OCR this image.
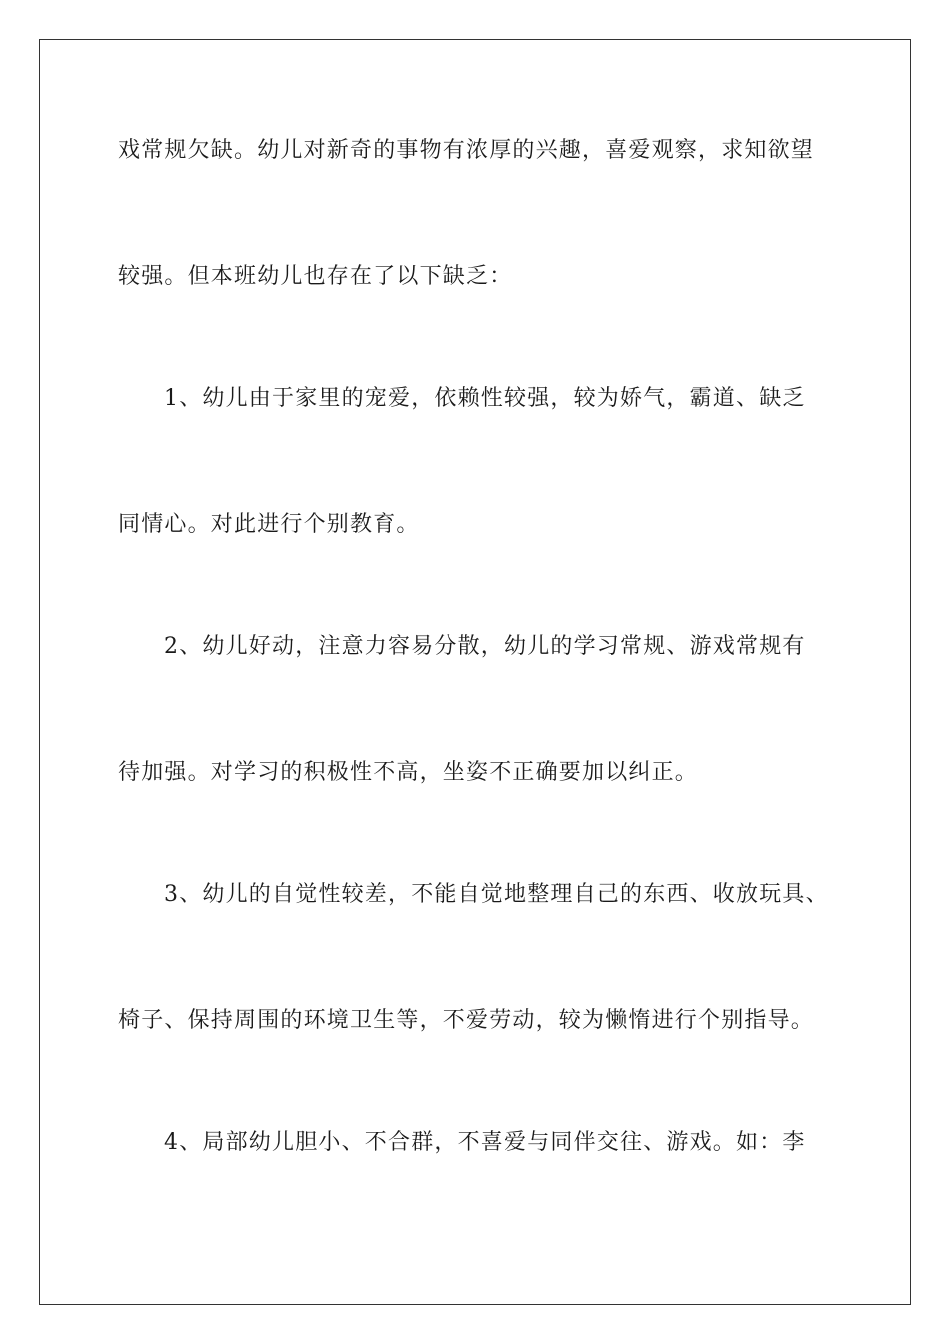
戏常规欠缺。幼儿对新奇的事物有浓厚的兴趣，喜爱观察，求知欲望
较强。但本班幼儿也存在了以下缺乏：
1、幼儿由于家里的宠爱，依赖性较强，较为娇气，霸道、缺乏
同情心。对此进行个别教育。
2、幼儿好动，注意力容易分散，幼儿的学习常规、游戏常规有
待加强。对学习的积极性不高，坐姿不正确要加以纠正。
3、幼儿的自觉性较差，不能自觉地整理自己的东西、收放玩具、
椅子、保持周围的环境卫生等，不爱劳动，较为懒惰进行个别指导。
4、局部幼儿胆小、不合群，不喜爱与同伴交往、游戏。如：李
